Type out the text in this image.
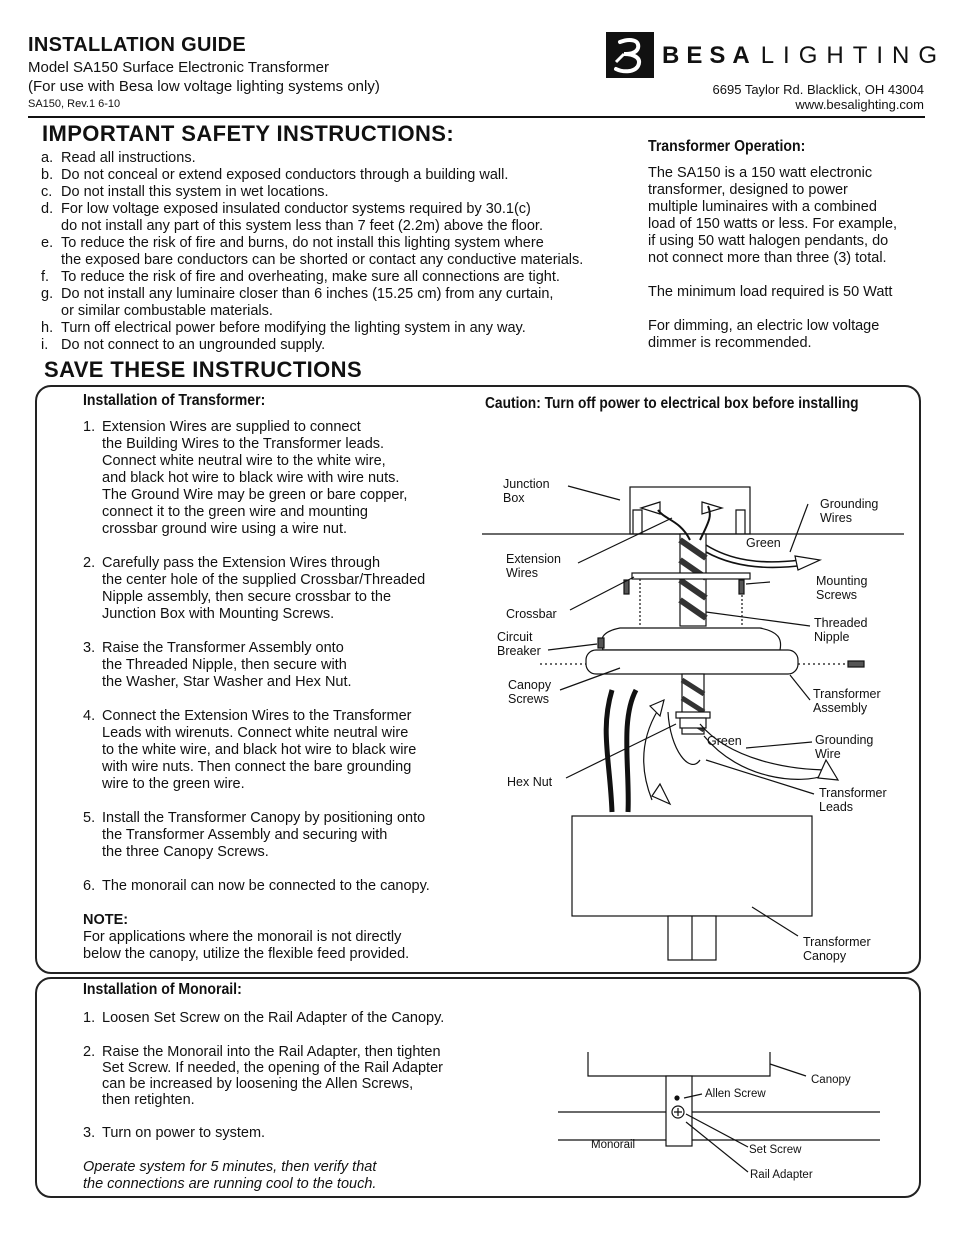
INSTALLATION GUIDE
Model SA150 Surface Electronic Transformer
(For use with Besa low voltage lighting systems only)
SA150, Rev.1 6-10
BESA LIGHTING
6695 Taylor Rd. Blacklick, OH 43004
www.besalighting.com
IMPORTANT SAFETY INSTRUCTIONS:
a. Read all instructions.
b. Do not conceal or extend exposed conductors through a building wall.
c. Do not install this system in wet locations.
d. For low voltage exposed insulated conductor systems required by 30.1(c)
do not install any part of this system less than 7 feet (2.2m) above the floor.
e. To reduce the risk of fire and burns, do not install this lighting system where
the exposed bare conductors can be shorted or contact any conductive materials.
f. To reduce the risk of fire and overheating, make sure all connections are tight.
g. Do not install any luminaire closer than 6 inches (15.25 cm) from any curtain,
or similar combustable materials.
h. Turn off electrical power before modifying the lighting system in any way.
i. Do not connect to an ungrounded supply.
SAVE THESE INSTRUCTIONS
Transformer Operation:
The SA150 is a 150 watt electronic
transformer, designed to power
multiple luminaires with a combined
load of 150 watts or less. For example,
if using 50 watt halogen pendants, do
not connect more than three (3) total.
The minimum load required is 50 Watt
For dimming, an electric low voltage
dimmer is recommended.
Installation of Transformer:	Caution: Turn off power to electrical box before installing
1. Extension Wires are supplied to connect
the Building Wires to the Transformer leads.
Connect white neutral wire to the white wire,
and black hot wire to black wire with wire nuts.
The Ground Wire may be green or bare copper,
connect it to the green wire and mounting
crossbar ground wire using a wire nut.
2. Carefully pass the Extension Wires through
the center hole of the supplied Crossbar/Threaded
Nipple assembly, then secure crossbar to the
Junction Box with Mounting Screws.
3. Raise the Transformer Assembly onto
the Threaded Nipple, then secure with
the Washer, Star Washer and Hex Nut.
4. Connect the Extension Wires to the Transformer
Leads with wirenuts. Connect white neutral wire
to the white wire, and black hot wire to black wire
with wire nuts. Then connect the bare grounding
wire to the green wire.
5. Install the Transformer Canopy by positioning onto
the Transformer Assembly and securing with
the three Canopy Screws.
6. The monorail can now be connected to the canopy.
NOTE:
For applications where the monorail is not directly
below the canopy, utilize the flexible feed provided.
Junction
Box	Grounding
Wires
Green
Extension
Wires
Mounting
Screws
Crossbar
Threaded
Nipple
Circuit
Breaker
Canopy
Screws	Transformer
Assembly
Green	Grounding
Wire
Hex Nut
Transformer
Leads
Transformer
Canopy
Installation of Monorail:
1. Loosen Set Screw on the Rail Adapter of the Canopy.
2. Raise the Monorail into the Rail Adapter, then tighten
Set Screw. If needed, the opening of the Rail Adapter
can be increased by loosening the Allen Screws,
then retighten.
3. Turn on power to system.
Operate system for 5 minutes, then verify that
the connections are running cool to the touch.
Canopy
Allen Screw
Monorail	Set Screw
Rail Adapter
